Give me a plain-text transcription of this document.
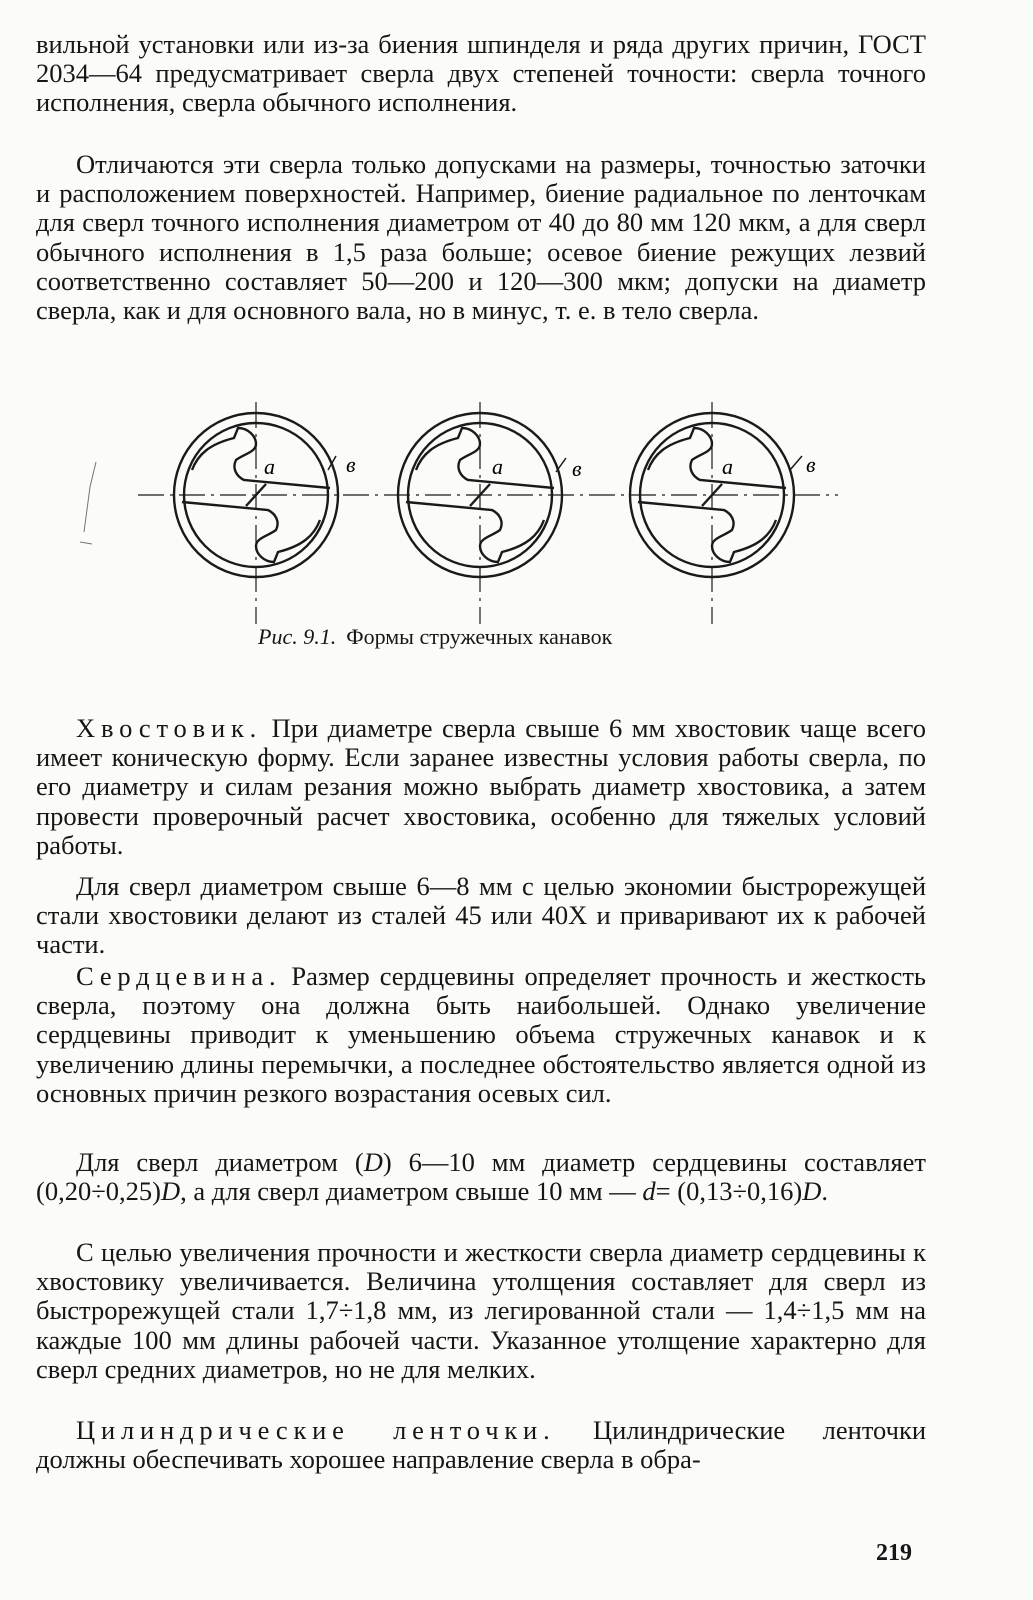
вильной установки или из-за биения шпинделя и ряда других причин, ГОСТ 2034—64 предусматривает сверла двух степеней точности: сверла точного исполнения, сверла обычного исполнения.

Отличаются эти сверла только допусками на размеры, точностью заточки и расположением поверхностей. Например, биение радиальное по ленточкам для сверл точного исполнения диаметром от 40 до 80 мм 120 мкм, а для сверл обычного исполнения в 1,5 раза больше; осевое биение режущих лезвий соответственно составляет 50—200 и 120—300 мкм; допуски на диаметр сверла, как и для основного вала, но в минус, т. е. в тело сверла.

а	в	а	в	а	в
Рис. 9.1. Формы стружечных канавок

Хвостовик. При диаметре сверла свыше 6 мм хвостовик чаще всего имеет коническую форму. Если заранее известны условия работы сверла, по его диаметру и силам резания можно выбрать диаметр хвостовика, а затем провести проверочный расчет хвостовика, особенно для тяжелых условий работы.

Для сверл диаметром свыше 6—8 мм с целью экономии быстрорежущей стали хвостовики делают из сталей 45 или 40Х и приваривают их к рабочей части.

Сердцевина. Размер сердцевины определяет прочность и жесткость сверла, поэтому она должна быть наибольшей. Однако увеличение сердцевины приводит к уменьшению объема стружечных канавок и к увеличению длины перемычки, а последнее обстоятельство является одной из основных причин резкого возрастания осевых сил.

Для сверл диаметром (D) 6—10 мм диаметр сердцевины составляет (0,20÷0,25)D, а для сверл диаметром свыше 10 мм — d= (0,13÷0,16)D.

С целью увеличения прочности и жесткости сверла диаметр сердцевины к хвостовику увеличивается. Величина утолщения составляет для сверл из быстрорежущей стали 1,7÷1,8 мм, из легированной стали — 1,4÷1,5 мм на каждые 100 мм длины рабочей части. Указанное утолщение характерно для сверл средних диаметров, но не для мелких.

Цилиндрические ленточки. Цилиндрические ленточки должны обеспечивать хорошее направление сверла в обра-

219
